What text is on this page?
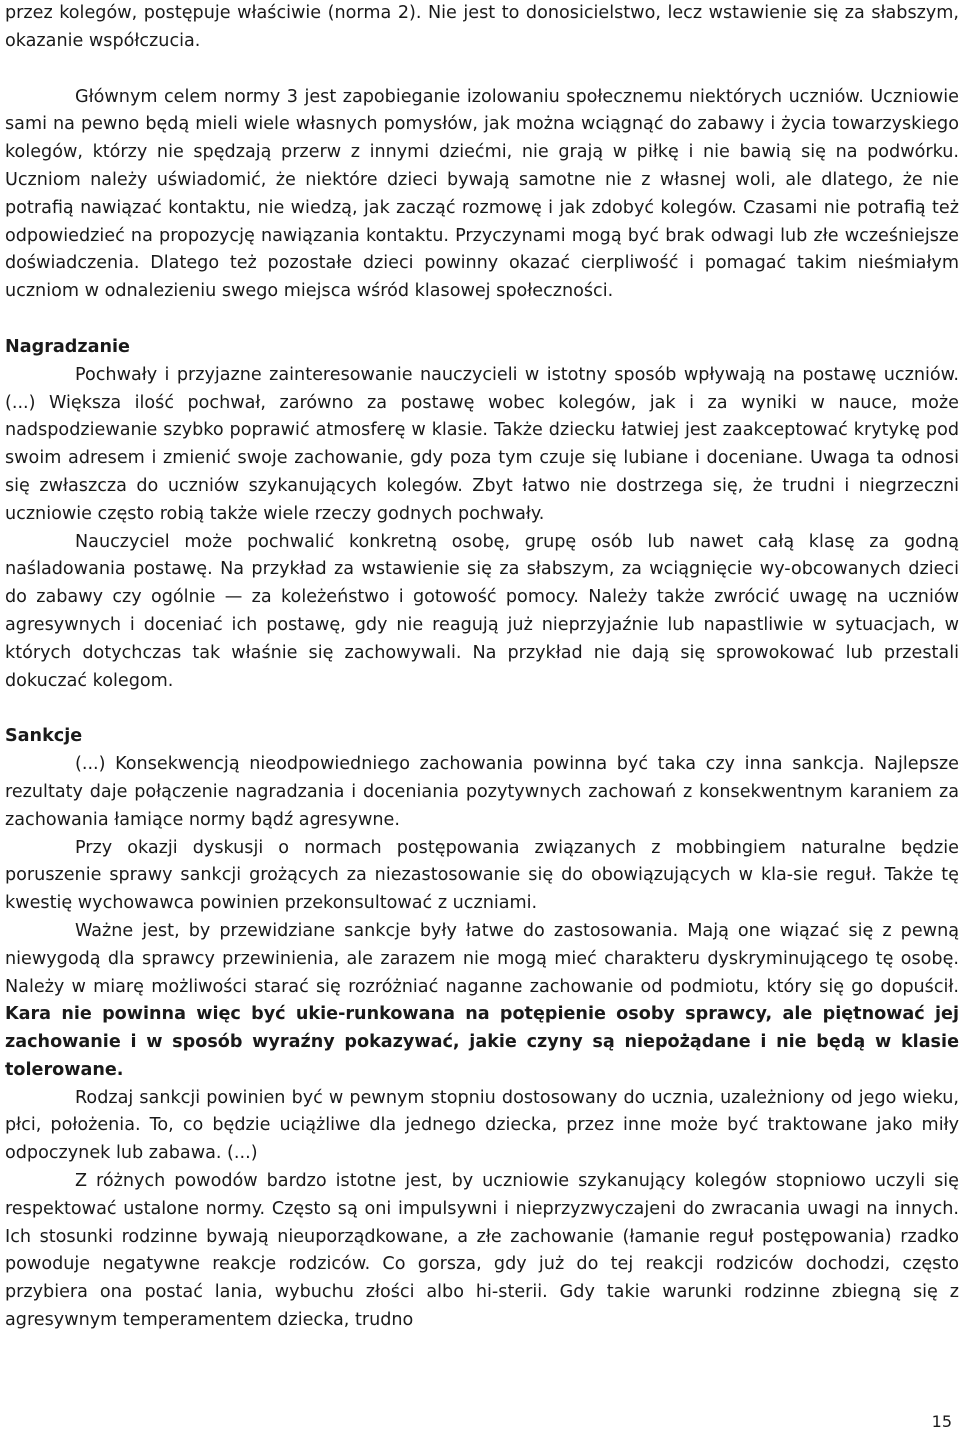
przez kolegów, postępuje właściwie (norma 2). Nie jest to donosicielstwo, lecz wstawienie się za słabszym, okazanie współczucia.

Głównym celem normy 3 jest zapobieganie izolowaniu społecznemu niektórych uczniów. Uczniowie sami na pewno będą mieli wiele własnych pomysłów, jak można wciągnąć do zabawy i życia towarzyskiego kolegów, którzy nie spędzają przerw z innymi dziećmi, nie grają w piłkę i nie bawią się na podwórku. Uczniom należy uświadomić, że niektóre dzieci bywają samotne nie z własnej woli, ale dlatego, że nie potrafią nawiązać kontaktu, nie wiedzą, jak zacząć rozmowę i jak zdobyć kolegów. Czasami nie potrafią też odpowiedzieć na propozycję nawiązania kontaktu. Przyczynami mogą być brak odwagi lub złe wcześniejsze doświadczenia. Dlatego też pozostałe dzieci powinny okazać cierpliwość i pomagać takim nieśmiałym uczniom w odnalezieniu swego miejsca wśród klasowej społeczności.

Nagradzanie

Pochwały i przyjazne zainteresowanie nauczycieli w istotny sposób wpływają na postawę uczniów. (...) Większa ilość pochwał, zarówno za postawę wobec kolegów, jak i za wyniki w nauce, może nadspodziewanie szybko poprawić atmosferę w klasie. Także dziecku łatwiej jest zaakceptować krytykę pod swoim adresem i zmienić swoje zachowanie, gdy poza tym czuje się lubiane i doceniane. Uwaga ta odnosi się zwłaszcza do uczniów szykanujących kolegów. Zbyt łatwo nie dostrzega się, że trudni i niegrzeczni uczniowie często robią także wiele rzeczy godnych pochwały.

Nauczyciel może pochwalić konkretną osobę, grupę osób lub nawet całą klasę za godną naśladowania postawę. Na przykład za wstawienie się za słabszym, za wciągnięcie wy-obcowanych dzieci do zabawy czy ogólnie — za koleżeństwo i gotowość pomocy. Należy także zwrócić uwagę na uczniów agresywnych i doceniać ich postawę, gdy nie reagują już nieprzyjaźnie lub napastliwie w sytuacjach, w których dotychczas tak właśnie się zachowywali. Na przykład nie dają się sprowokować lub przestali dokuczać kolegom.

Sankcje

(...) Konsekwencją nieodpowiedniego zachowania powinna być taka czy inna sankcja. Najlepsze rezultaty daje połączenie nagradzania i doceniania pozytywnych zachowań z konsekwentnym karaniem za zachowania łamiące normy bądź agresywne.

Przy okazji dyskusji o normach postępowania związanych z mobbingiem naturalne będzie poruszenie sprawy sankcji grożących za niezastosowanie się do obowiązujących w kla-sie reguł. Także tę kwestię wychowawca powinien przekonsultować z uczniami.

Ważne jest, by przewidziane sankcje były łatwe do zastosowania. Mają one wiązać się z pewną niewygodą dla sprawcy przewinienia, ale zarazem nie mogą mieć charakteru dyskryminującego tę osobę. Należy w miarę możliwości starać się rozróżniać naganne zachowanie od podmiotu, który się go dopuścił. Kara nie powinna więc być ukie-runkowana na potępienie osoby sprawcy, ale piętnować jej zachowanie i w sposób wyraźny pokazywać, jakie czyny są niepożądane i nie będą w klasie tolerowane.

Rodzaj sankcji powinien być w pewnym stopniu dostosowany do ucznia, uzależniony od jego wieku, płci, położenia. To, co będzie uciążliwe dla jednego dziecka, przez inne może być traktowane jako miły odpoczynek lub zabawa. (...)

Z różnych powodów bardzo istotne jest, by uczniowie szykanujący kolegów stopniowo uczyli się respektować ustalone normy. Często są oni impulsywni i nieprzyzwyczajeni do zwracania uwagi na innych. Ich stosunki rodzinne bywają nieuporządkowane, a złe zachowanie (łamanie reguł postępowania) rzadko powoduje negatywne reakcje rodziców. Co gorsza, gdy już do tej reakcji rodziców dochodzi, często przybiera ona postać lania, wybuchu złości albo hi-sterii. Gdy takie warunki rodzinne zbiegną się z agresywnym temperamentem dziecka, trudno

15
